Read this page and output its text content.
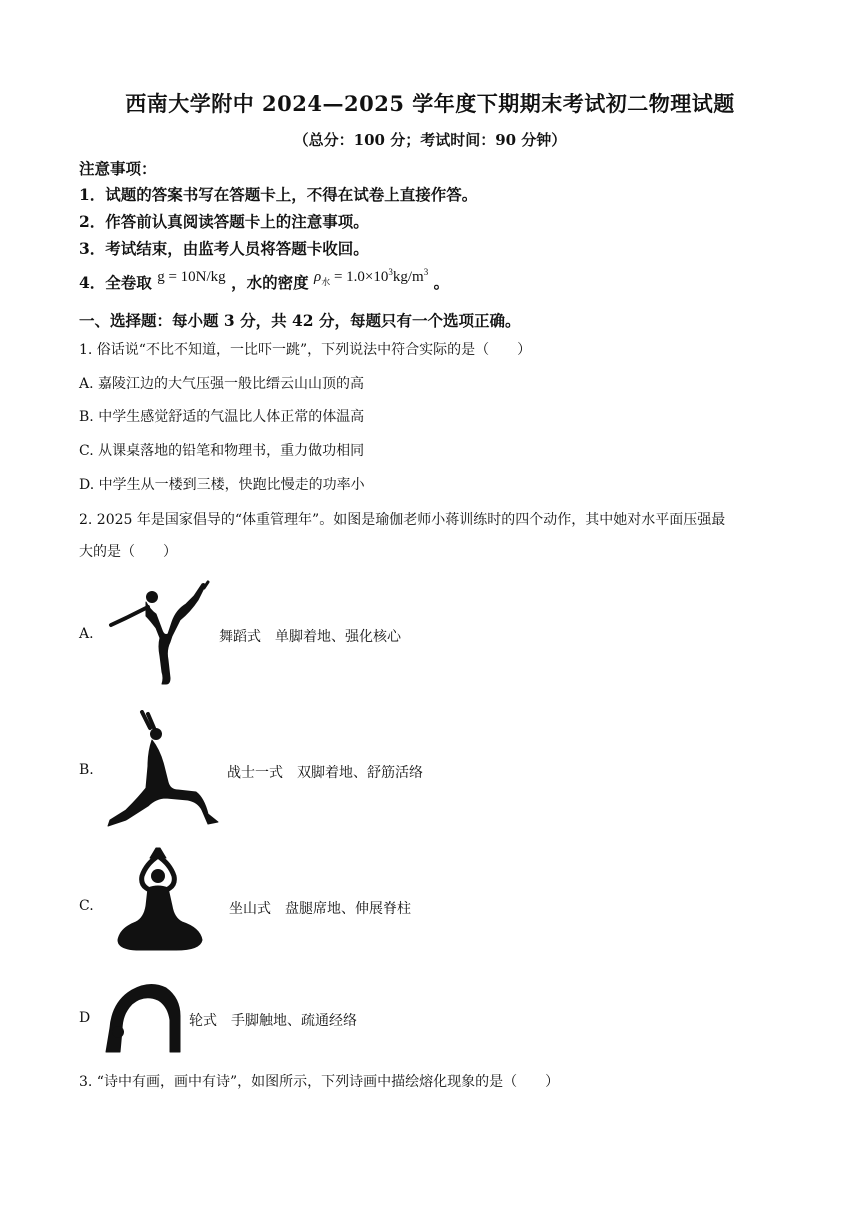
西南大学附中 2024—2025 学年度下期期末考试初二物理试题
（总分：100 分；考试时间：90 分钟）
注意事项：
1．试题的答案书写在答题卡上，不得在试卷上直接作答。
2．作答前认真阅读答题卡上的注意事项。
3．考试结束，由监考人员将答题卡收回。
4．全卷取 g = 10N/kg ，水的密度 $\rho_水 = 1.0\times 10^3kg/m^3$ 。
一、选择题：每小题 3 分，共 42 分，每题只有一个选项正确。
1. 俗话说“不比不知道，一比吓一跳”，下列说法中符合实际的是（　　）
A. 嘉陵江边的大气压强一般比缙云山山顶的高
B. 中学生感觉舒适的气温比人体正常的体温高
C. 从课桌落地的铅笔和物理书，重力做功相同
D. 中学生从一楼到三楼，快跑比慢走的功率小
2. 2025 年是国家倡导的“体重管理年”。如图是瑜伽老师小蒋训练时的四个动作，其中她对水平面压强最
大的是（　　）
A.	舞蹈式　单脚着地、强化核心
B.	战士一式　双脚着地、舒筋活络
C.	坐山式　盘腿席地、伸展脊柱
D	轮式　手脚触地、疏通经络
3. “诗中有画，画中有诗”，如图所示，下列诗画中描绘熔化现象的是（　　）
